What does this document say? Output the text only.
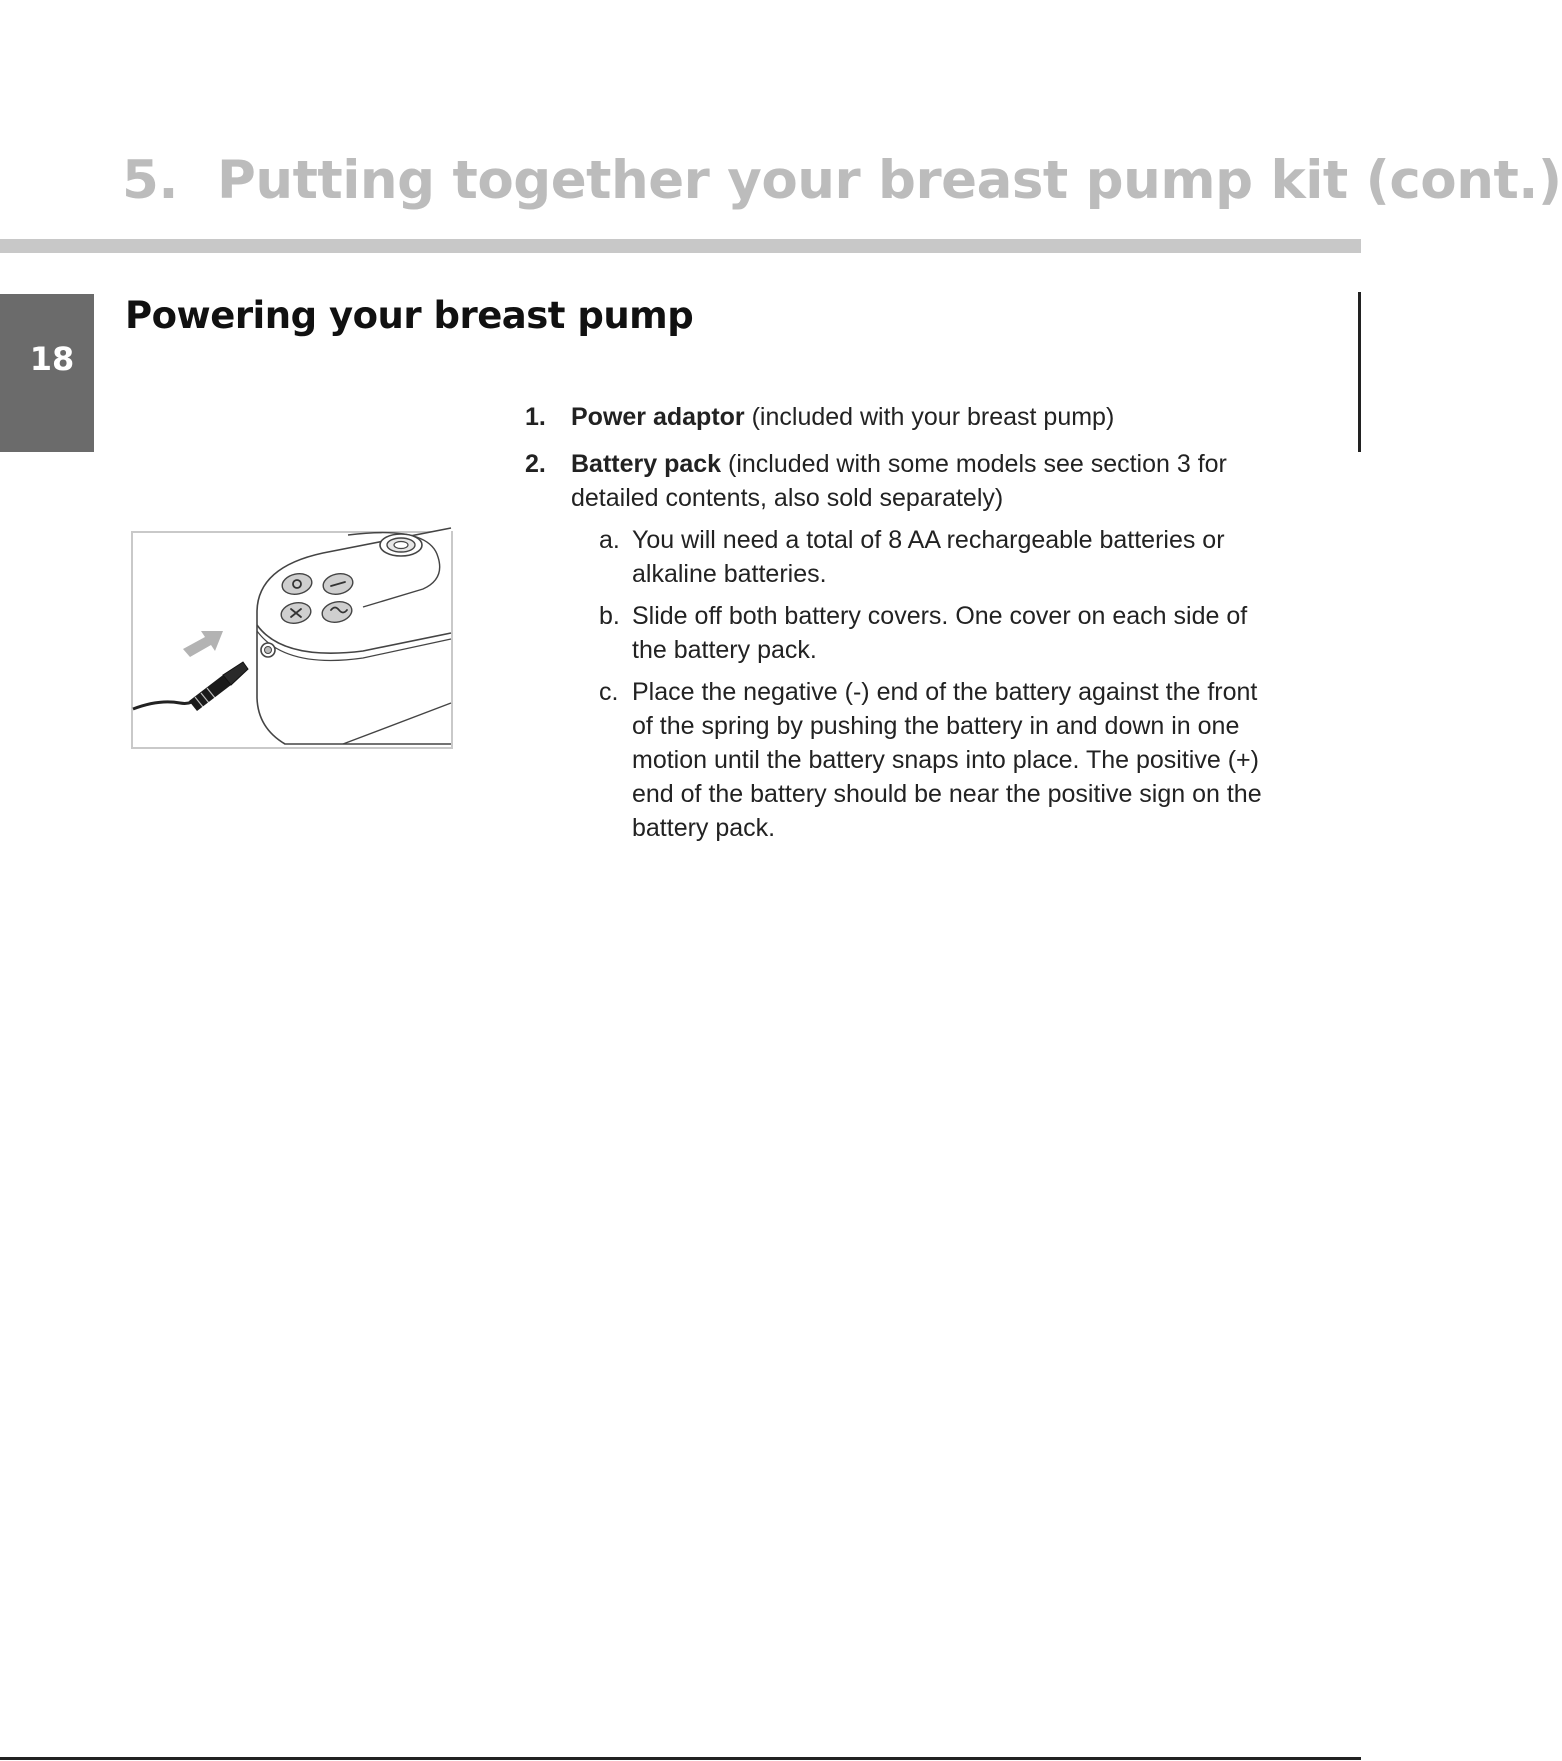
5. Putting together your breast pump kit (cont.)
18
Powering your breast pump
1. Power adaptor (included with your breast pump)
2. Battery pack (included with some models see section 3 for detailed contents, also sold separately)
a. You will need a total of 8 AA rechargeable batteries or alkaline batteries.
b. Slide off both battery covers. One cover on each side of the battery pack.
c. Place the negative (-) end of the battery against the front of the spring by pushing the battery in and down in one motion until the battery snaps into place. The positive (+) end of the battery should be near the positive sign on the battery pack.
